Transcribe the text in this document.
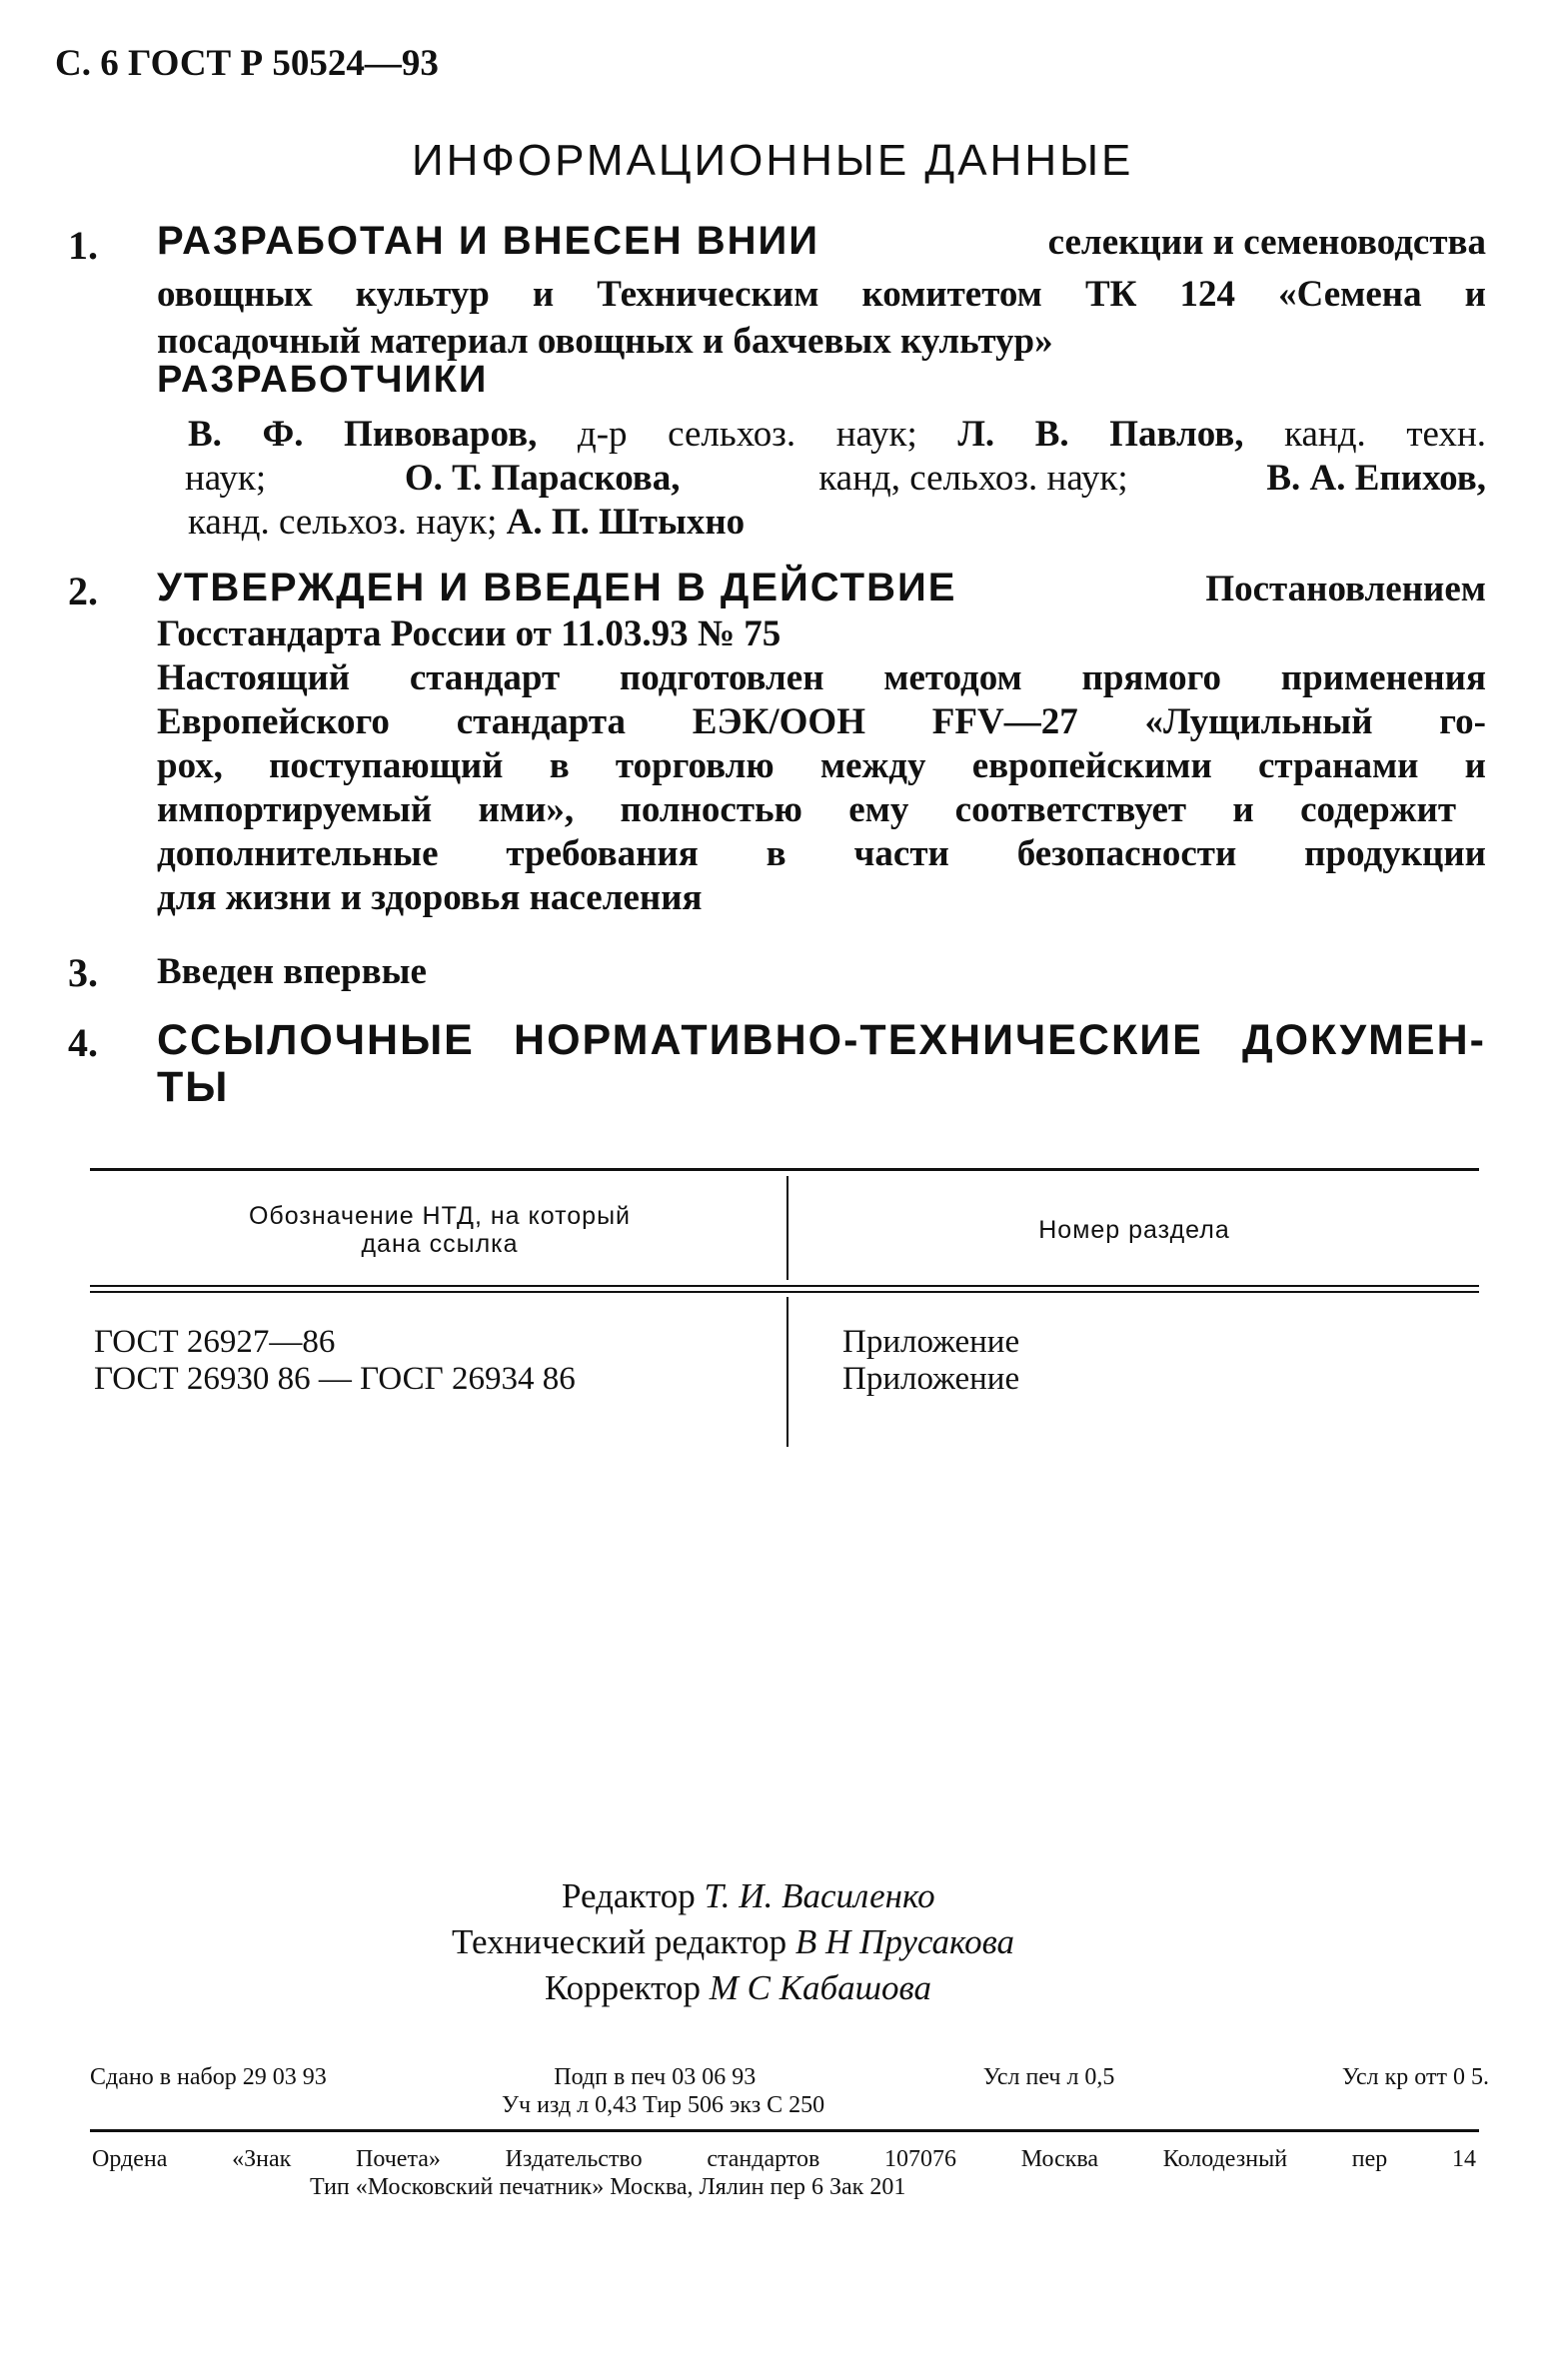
С. 6 ГОСТ Р 50524—93
ИНФОРМАЦИОННЫЕ ДАННЫЕ
1. РАЗРАБОТАН И ВНЕСЕН ВНИИ	селекции и семеноводства
овощных культур и Техническим комитетом ТК 124 «Семена и
посадочный материал овощных и бахчевых культур»
РАЗРАБОТЧИКИ
В. Ф. Пивоваров, д-р сельхоз. наук; Л. В. Павлов, канд. техн.
наук;	О. Т. Параскова,	канд, сельхоз. наук;	В. А. Епихов,
канд. сельхоз. наук; А. П. Штыхно
2. УТВЕРЖДЕН И ВВЕДЕН В ДЕЙСТВИЕ	Постановлением
Госстандарта России от 11.03.93 № 75
Настоящий стандарт подготовлен методом прямого применения
Европейского стандарта ЕЭК/ООН FFV—27 «Лущильный го-
рох, поступающий в торговлю между европейскими странами и
импортируемый ими», полностью ему соответствует и содержит
дополнительные требования в части безопасности продукции
для жизни и здоровья населения
3. Введен впервые
4. ССЫЛОЧНЫЕ НОРМАТИВНО-ТЕХНИЧЕСКИЕ ДОКУМЕН-
ТЫ
Обозначение НТД, на который
дана ссылка	Номер раздела
ГОСТ 26927—86	Приложение
ГОСТ 26930 86 — ГОСГ 26934 86	Приложение
Редактор Т. И. Василенко
Технический редактор В Н Прусакова
Корректор М С Кабашова
Сдано в набор 29 03 93	Подп в печ 03 06 93	Усл печ л 0,5	Усл кр отт 0 5.
Уч изд л 0,43 Тир 506 экз С 250
Ордена «Знак Почета» Издательство стандартов 107076 Москва Колодезный пер 14
Тип «Московский печатник» Москва, Лялин пер 6 Зак 201
